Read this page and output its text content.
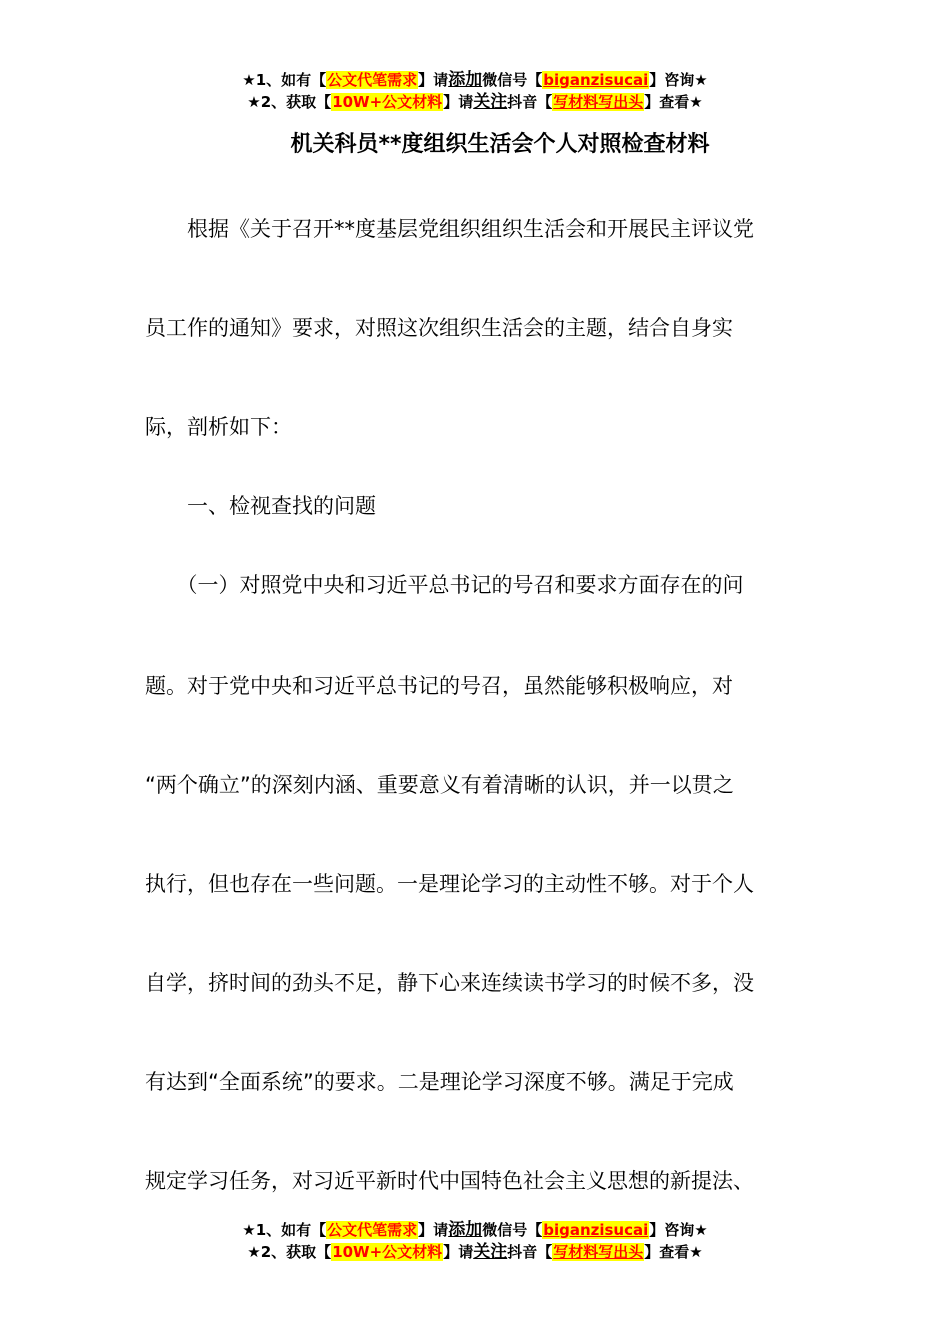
★1、如有【公文代笔需求】请添加微信号【biganzisucai】咨询★
★2、获取【10W+公文材料】请关注抖音【写材料写出头】查看★
机关科员**度组织生活会个人对照检查材料
　　根据《关于召开**度基层党组织组织生活会和开展民主评议党
员工作的通知》要求，对照这次组织生活会的主题，结合自身实
际，剖析如下：
　　一、检视查找的问题
　　（一）对照党中央和习近平总书记的号召和要求方面存在的问
题。对于党中央和习近平总书记的号召，虽然能够积极响应，对
“两个确立”的深刻内涵、重要意义有着清晰的认识，并一以贯之
执行，但也存在一些问题。一是理论学习的主动性不够。对于个人
自学，挤时间的劲头不足，静下心来连续读书学习的时候不多，没
有达到“全面系统”的要求。二是理论学习深度不够。满足于完成
规定学习任务，对习近平新时代中国特色社会主义思想的新提法、
★1、如有【公文代笔需求】请添加微信号【biganzisucai】咨询★
★2、获取【10W+公文材料】请关注抖音【写材料写出头】查看★
